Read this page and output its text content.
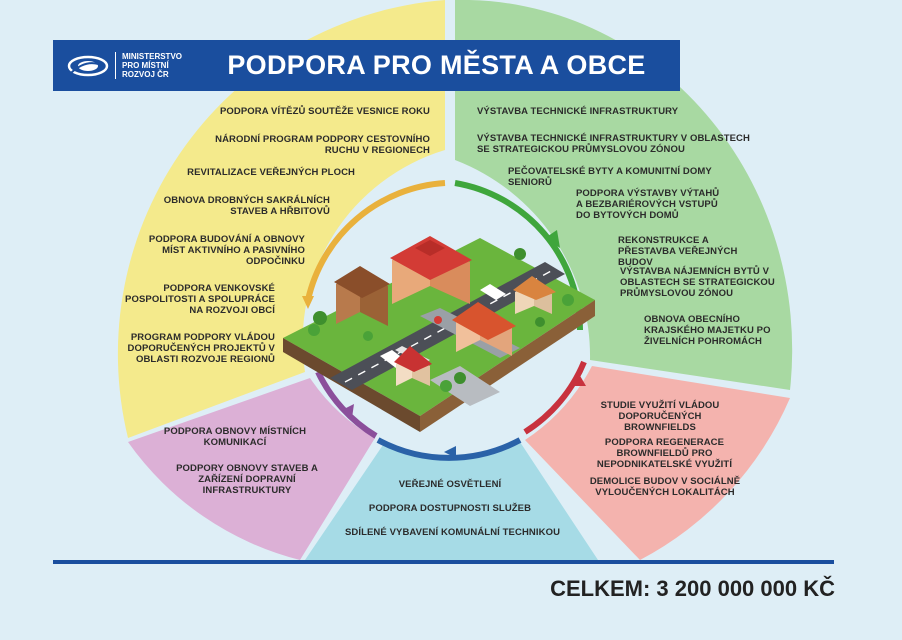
MINISTERSTVO
PRO MÍSTNÍ
ROZVOJ ČR	PODPORA PRO MĚSTA A OBCE
PODPORA VÍTĚZŮ SOUTĚŽE VESNICE ROKU
NÁRODNÍ PROGRAM PODPORY CESTOVNÍHO RUCHU V REGIONECH
REVITALIZACE VEŘEJNÝCH PLOCH
OBNOVA DROBNÝCH SAKRÁLNÍCH STAVEB A HŘBITOVŮ
PODPORA BUDOVÁNÍ A OBNOVY MÍST AKTIVNÍHO A PASIVNÍHO ODPOČINKU
PODPORA VENKOVSKÉ POSPOLITOSTI A SPOLUPRÁCE NA ROZVOJI OBCÍ
PROGRAM PODPORY VLÁDOU DOPORUČENÝCH PROJEKTŮ V OBLASTI ROZVOJE REGIONŮ
VÝSTAVBA TECHNICKÉ INFRASTRUKTURY
VÝSTAVBA TECHNICKÉ INFRASTRUKTURY V OBLASTECH SE STRATEGICKOU PRŮMYSLOVOU ZÓNOU
PEČOVATELSKÉ BYTY A KOMUNITNÍ DOMY SENIORŮ
PODPORA VÝSTAVBY VÝTAHŮ A BEZBARIÉROVÝCH VSTUPŮ DO BYTOVÝCH DOMŮ
REKONSTRUKCE A PŘESTAVBA VEŘEJNÝCH BUDOV
VÝSTAVBA NÁJEMNÍCH BYTŮ V OBLASTECH SE STRATEGICKOU PRŮMYSLOVOU ZÓNOU
OBNOVA OBECNÍHO KRAJSKÉHO MAJETKU PO ŽIVELNÍCH POHROMÁCH
STUDIE VYUŽITÍ VLÁDOU DOPORUČENÝCH BROWNFIELDS
PODPORA REGENERACE BROWNFIELDŮ PRO NEPODNIKATELSKÉ VYUŽITÍ
DEMOLICE BUDOV V SOCIÁLNĚ VYLOUČENÝCH LOKALITÁCH
VEŘEJNÉ OSVĚTLENÍ
PODPORA DOSTUPNOSTI SLUŽEB
SDÍLENÉ VYBAVENÍ KOMUNÁLNÍ TECHNIKOU
PODPORA OBNOVY MÍSTNÍCH KOMUNIKACÍ
PODPORY OBNOVY STAVEB A ZAŘÍZENÍ DOPRAVNÍ INFRASTRUKTURY
CELKEM: 3 200 000 000 KČ
